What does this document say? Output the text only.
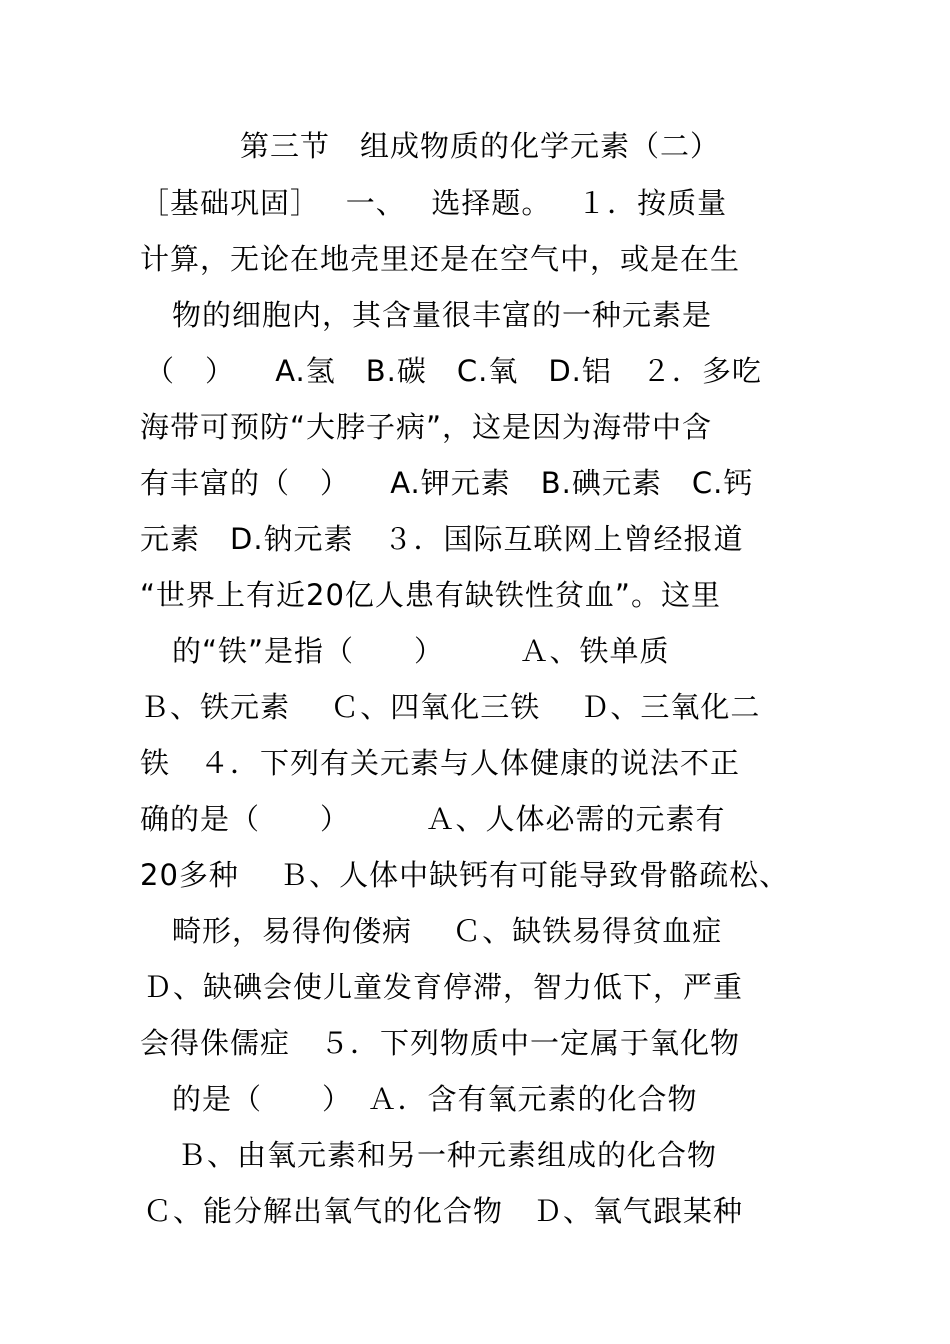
第三节　组成物质的化学元素（二）
［基础巩固］　 一、　 选择题。　 １．按质量
计算，无论在地壳里还是在空气中，或是在生
物的细胞内，其含量很丰富的一种元素是
（　） 　A.氢　B.碳　C.氧　D.铝　２．多吃
海带可预防“大脖子病”，这是因为海带中含
有丰富的（　） 　A.钾元素　B.碘元素　C.钙
元素　D.钠元素　３．国际互联网上曾经报道
“世界上有近20亿人患有缺铁性贫血”。这里
的“铁”是指（　　）　　　Ａ、铁单质
Ｂ、铁元素　 Ｃ、四氧化三铁　 Ｄ、三氧化二
铁　４．下列有关元素与人体健康的说法不正
确的是（　　）　　　Ａ、人体必需的元素有
20多种　 Ｂ、人体中缺钙有可能导致骨骼疏松、
畸形，易得佝偻病　 Ｃ、缺铁易得贫血症
Ｄ、缺碘会使儿童发育停滞，智力低下，严重
会得侏儒症　５．下列物质中一定属于氧化物
的是（　　）　Ａ．含有氧元素的化合物
Ｂ、由氧元素和另一种元素组成的化合物
Ｃ、能分解出氧气的化合物　Ｄ、氧气跟某种
